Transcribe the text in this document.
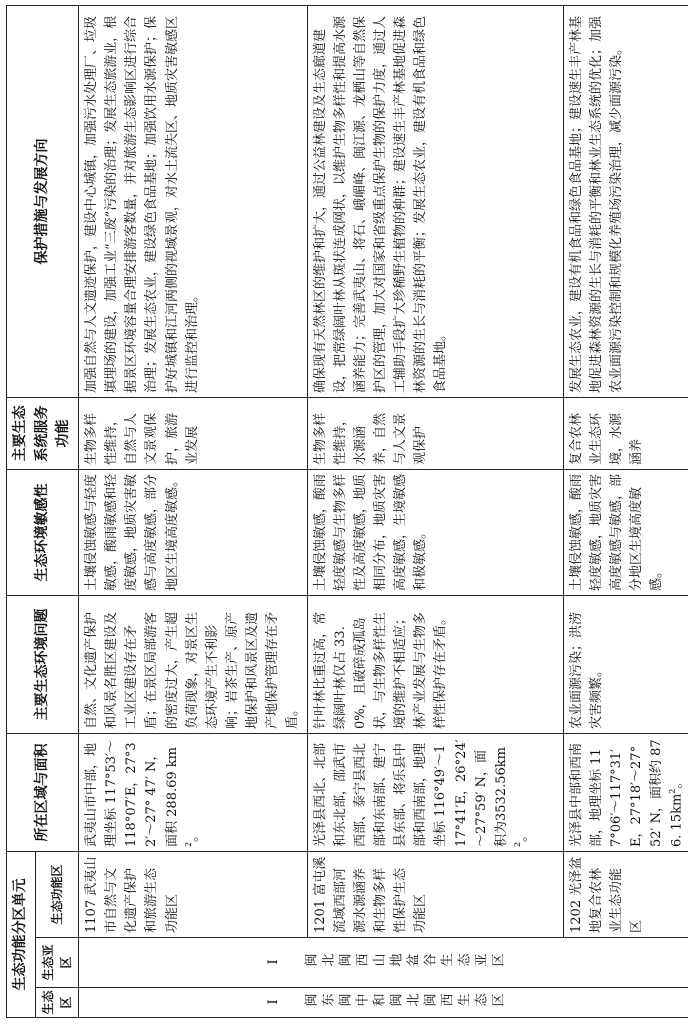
生态功能分区单元			所在区域与面积	主要生态环境问题	生态环境敏感性	主要生态系统服务功能	保护措施与发展方向
生态区	生态亚区	生态功能区					

I 闽东闽中和闽北闽西生态区	I 闽北闽西山地盆谷生态亚区	1107 武夷山市自然与文化遗产保护和旅游生态功能区	武夷山市中部，地理坐标 117°53′～118°07′E，27°32′～27° 47′ N，面积 288.69 km $^2$。	自然、文化遗产保护和风景名胜区建设及工业区建设存在矛盾；在景区局部游客的密度过大，产生超负荷现象，对景区生态环境产生不利影响；岩茶生产、原产地保护和风景区及遗产地保护管理存在矛盾。	土壤侵蚀敏感与轻度敏感，酸雨敏感和轻度敏感，地质灾害敏感与高度敏感，部分地区生境高度敏感。	生物多样性维持，自然与人文景观保护，旅游业发展	加强自然与人文遗迹保护，建设中心城镇，加强污水处理厂、垃圾填埋场的建设，加强工业“三废”污染的治理；发展生态旅游业，根据景区环境容量合理安排游客数量，并对旅游生态影响区进行综合治理；发展生态农业，建设绿色食品基地；加强饮用水源保护；保护好城镇和江河两侧的视域景观，对水土流失区、地质灾害敏感区进行监控和治理。
		1201 富屯溪流域西部河源水源涵养和生物多样性保护生态功能区	光泽县西北、北部和东北部，邵武市西部、泰宁县西北部和东南部、建宁县东部、将乐县中部和西南部，地理坐标 116°49′～117°41′E，26°24′～27°59′ N，面积为3532.56km $^2$。	针叶林比重过高，常绿阔叶林仅占 33.0%，且破碎成孤岛状，与生物多样性生境的维护不相适应；林产业发展与生物多样性保护存在矛盾。	土壤侵蚀敏感，酸雨轻度敏感与生物多样性及高度敏感，地质相同分布，地质灾害高度敏感，生境敏感和极敏感。	生物多样性维持，水源涵养，自然与人文景观保护	确保现有天然林区的维护和扩大，通过公益林建设及生态廊道建设，把常绿阔叶林从斑状连成网状，以维护生物多样性和提高水源涵养能力；完善武夷山、将石、峨嵋峰、闽江源、龙栖山等自然保护区的管理，加大对国家和省级重点保护生物的保护力度，通过人工辅助手段扩大珍稀野生植物的种群；建设速生丰产林基地促进森林资源的生长与消耗的平衡；发展生态农业，建设有机食品和绿色食品基地。
		1202 光泽盆地复合农林业生态功能区	光泽县中部和西南部，地理坐标 117°06′～117°31′E，27°18′～27° 52′ N，面积约 876. $15km^2$。	农业面源污染；洪涝灾害频繁。	土壤侵蚀敏感，酸雨轻度敏感，地质灾害高度敏感与敏感，部分地区生境高度敏感。	复合农林业生态环境，水源涵养	发展生态农业，建设有机食品和绿色食品基地；建设速生丰产林基地促进森林资源的生长与消耗的平衡和林业生态系统的优化；加强农业面源污染控制和规模化养殖场污染治理，减少面源污染。
